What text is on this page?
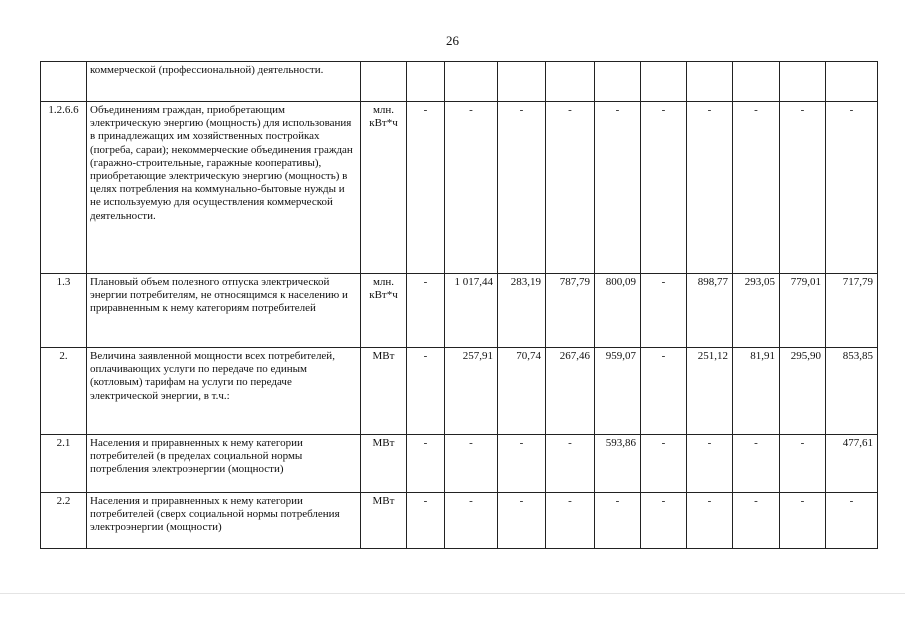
26
	коммерческой (профессиональной) деятельности.											
1.2.6.6	Объединениям граждан, приобретающим электрическую энергию (мощность) для использования в принадлежащих им хозяйственных постройках (погреба, сараи); некоммерческие объединения граждан (гаражно-строительные, гаражные кооперативы), приобретающие электрическую энергию (мощность) в целях потребления на коммунально-бытовые нужды и не используемую для осуществления коммерческой деятельности.	млн. кВт*ч	-	-	-	-	-	-	-	-	-	-
1.3	Плановый объем полезного отпуска электрической энергии потребителям, не относящимся к населению и приравненным к нему категориям потребителей	млн. кВт*ч	-	1 017,44	283,19	787,79	800,09	-	898,77	293,05	779,01	717,79
2.	Величина заявленной мощности всех потребителей, оплачивающих услуги по передаче по единым (котловым) тарифам на услуги по передаче электрической энергии, в т.ч.:	МВт	-	257,91	70,74	267,46	959,07	-	251,12	81,91	295,90	853,85
2.1	Населения и приравненных к нему категории потребителей (в пределах социальной нормы потребления электроэнергии (мощности)	МВт	-	-	-	-	593,86	-	-	-	-	477,61
2.2	Населения и приравненных к нему категории потребителей (сверх социальной нормы потребления электроэнергии (мощности)	МВт	-	-	-	-	-	-	-	-	-	-
